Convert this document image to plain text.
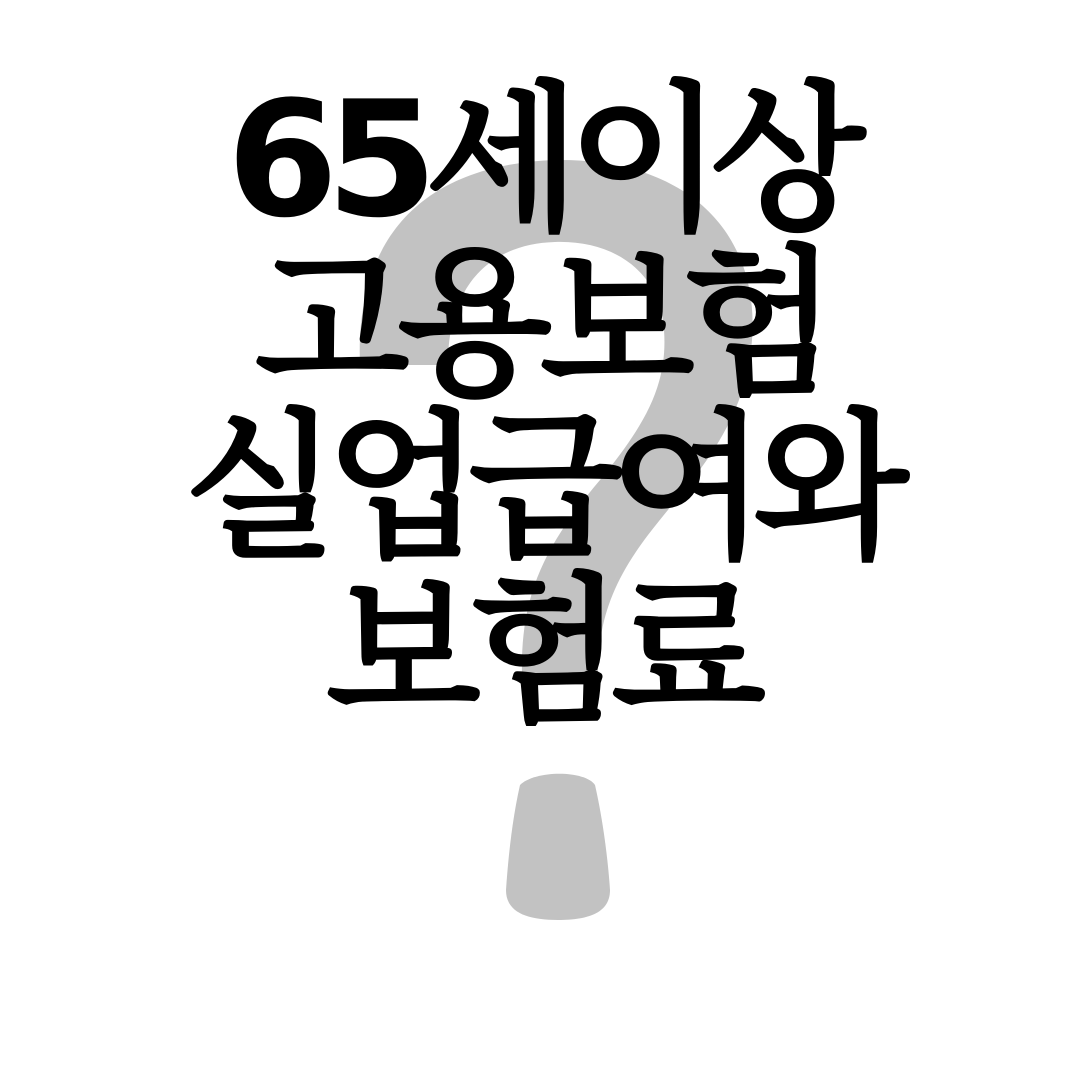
65세이상
고용보험
실업급여와
보험료
